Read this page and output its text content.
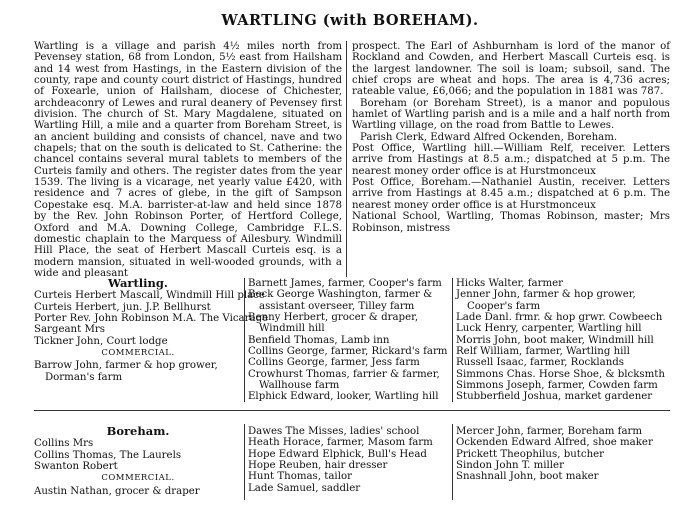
WARTLING (with BOREHAM).

Wartling is a village and parish 4½ miles north from Pevensey station, 68 from London, 5½ east from Hailsham and 14 west from Hastings, in the Eastern division of the county, rape and county court district of Hastings, hundred of Foxearle, union of Hailsham, diocese of Chichester, archdeaconry of Lewes and rural deanery of Pevensey first division. The church of St. Mary Magdalene, situated on Wartling Hill, a mile and a quarter from Boreham Street, is an ancient building and consists of chancel, nave and two chapels; that on the south is delicated to St. Catherine: the chancel contains several mural tablets to members of the Curteis family and others. The register dates from the year 1539. The living is a vicarage, net yearly value £420, with residence and 7 acres of glebe, in the gift of Sampson Copestake esq. M.A. barrister-at-law and held since 1878 by the Rev. John Robinson Porter, of Hertford College, Oxford and M.A. Downing College, Cambridge F.L.S. domestic chaplain to the Marquess of Ailesbury. Windmill Hill Place, the seat of Herbert Mascall Curteis esq. is a modern mansion, situated in well-wooded grounds, with a wide and pleasant

prospect. The Earl of Ashburnham is lord of the manor of Rockland and Cowden, and Herbert Mascall Curteis esq. is the largest landowner. The soil is loam; subsoil, sand. The chief crops are wheat and hops. The area is 4,736 acres; rateable value, £6,066; and the population in 1881 was 787.

Boreham (or Boreham Street), is a manor and populous hamlet of Wartling parish and is a mile and a half north from Wartling village, on the road from Battle to Lewes.

Parish Clerk, Edward Alfred Ockenden, Boreham.

Post Office, Wartling hill.—William Relf, receiver. Letters arrive from Hastings at 8.5 a.m.; dispatched at 5 p.m. The nearest money order office is at Hurstmonceux

Post Office, Boreham.—Nathaniel Austin, receiver. Letters arrive from Hastings at 8.45 a.m.; dispatched at 6 p.m. The nearest money order office is at Hurstmonceux

National School, Wartling, Thomas Robinson, master; Mrs Robinson, mistress

Wartling.
Curteis Herbert Mascall, Windmill Hill place
Curteis Herbert, jun. J.P. Bellhurst
Porter Rev. John Robinson M.A. The Vicarage
Sargeant Mrs
Tickner John, Court lodge
COMMERCIAL.
Barrow John, farmer & hop grower, Dorman's farm
Barnett James, farmer, Cooper's farm
Beck George Washington, farmer & assistant overseer, Tilley farm
Benny Herbert, grocer & draper, Windmill hill
Benfield Thomas, Lamb inn
Collins George, farmer, Rickard's farm
Collins George, farmer, Jess farm
Crowhurst Thomas, farrier & farmer, Wallhouse farm
Elphick Edward, looker, Wartling hill
Hicks Walter, farmer
Jenner John, farmer & hop grower, Cooper's farm
Lade Danl. frmr. & hop grwr. Cowbeech
Luck Henry, carpenter, Wartling hill
Morris John, boot maker, Windmill hill
Relf William, farmer, Wartling hill
Russell Isaac, farmer, Rocklands
Simmons Chas. Horse Shoe, & blcksmth
Simmons Joseph, farmer, Cowden farm
Stubberfield Joshua, market gardener
Boreham.
Collins Mrs
Collins Thomas, The Laurels
Swanton Robert
COMMERCIAL.
Austin Nathan, grocer & draper
Dawes The Misses, ladies' school
Heath Horace, farmer, Masom farm
Hope Edward Elphick, Bull's Head
Hope Reuben, hair dresser
Hunt Thomas, tailor
Lade Samuel, saddler
Mercer John, farmer, Boreham farm
Ockenden Edward Alfred, shoe maker
Prickett Theophilus, butcher
Sindon John T. miller
Snashnall John, boot maker
